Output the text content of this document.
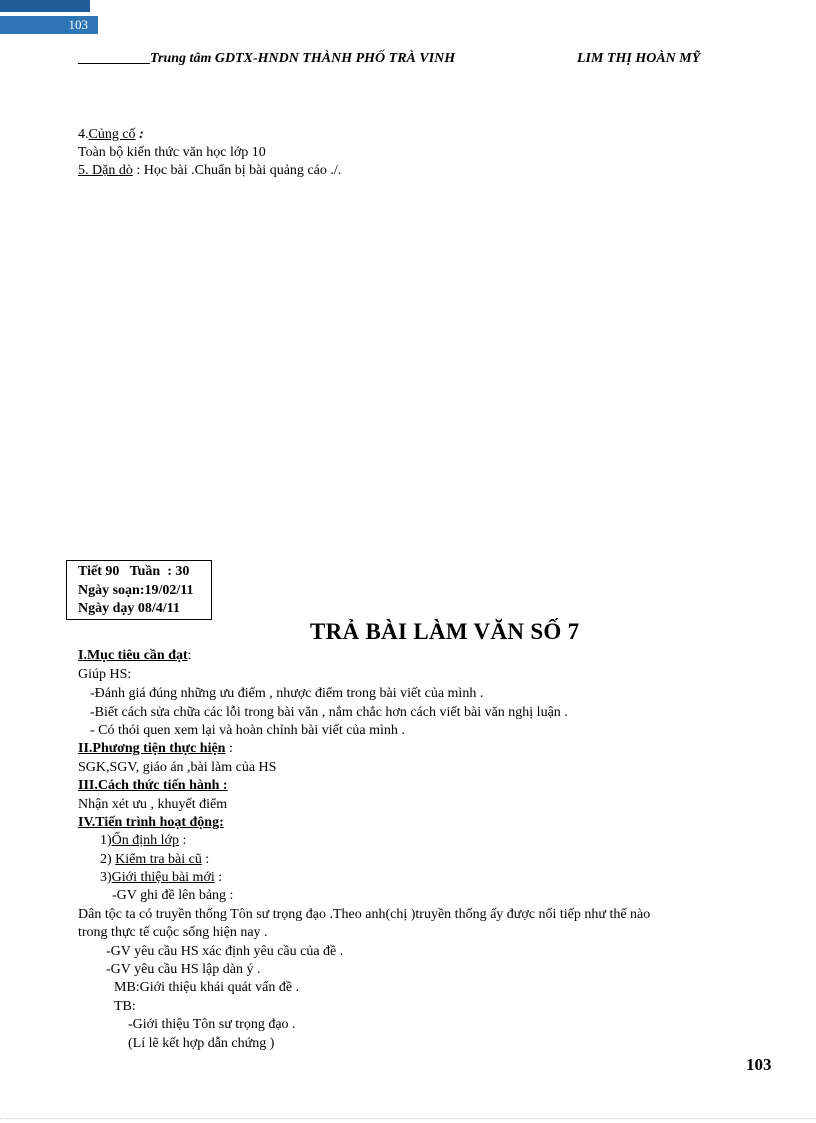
103
Trung tâm GDTX-HNDN THÀNH PHỐ TRÀ VINH	LIM THỊ HOÀN MỸ
4.Củng cố :
Toàn bộ kiến thức văn học lớp 10
5. Dặn dò : Học bài .Chuẩn bị bài quảng cáo ./.
Tiết 90   Tuần  : 30
Ngày soạn:19/02/11
Ngày dạy 08/4/11
TRẢ BÀI LÀM VĂN SỐ 7
I.Mục tiêu cần đạt:
Giúp HS:
-Đánh giá đúng những ưu điểm , nhược điểm trong bài viết của mình .
-Biết cách sửa chữa các lỗi trong bài văn , nắm chắc hơn cách viết bài văn nghị luận .
- Có thói quen xem lại và hoàn chỉnh bài viết của mình .
II.Phương tiện thực hiện :
SGK,SGV, giáo án ,bài làm của HS
III.Cách thức tiến hành :
Nhận xét ưu , khuyết điểm
IV.Tiến trình hoạt động:
1)Ổn định lớp :
2) Kiểm tra bài cũ :
3)Giới thiệu bài mới :
-GV ghi đề lên bảng :
Dân tộc ta có truyền thống Tôn sư trọng đạo .Theo anh(chị )truyền thống ấy được nối tiếp như thế nào
trong thực tế cuộc sống hiện nay .
-GV yêu cầu HS xác định yêu cầu của đề .
-GV yêu cầu HS lập dàn ý .
MB:Giới thiệu khái quát vấn đề .
TB:
-Giới thiệu Tôn sư trọng đạo .
(Lí lẽ kết hợp dẫn chứng )
103
